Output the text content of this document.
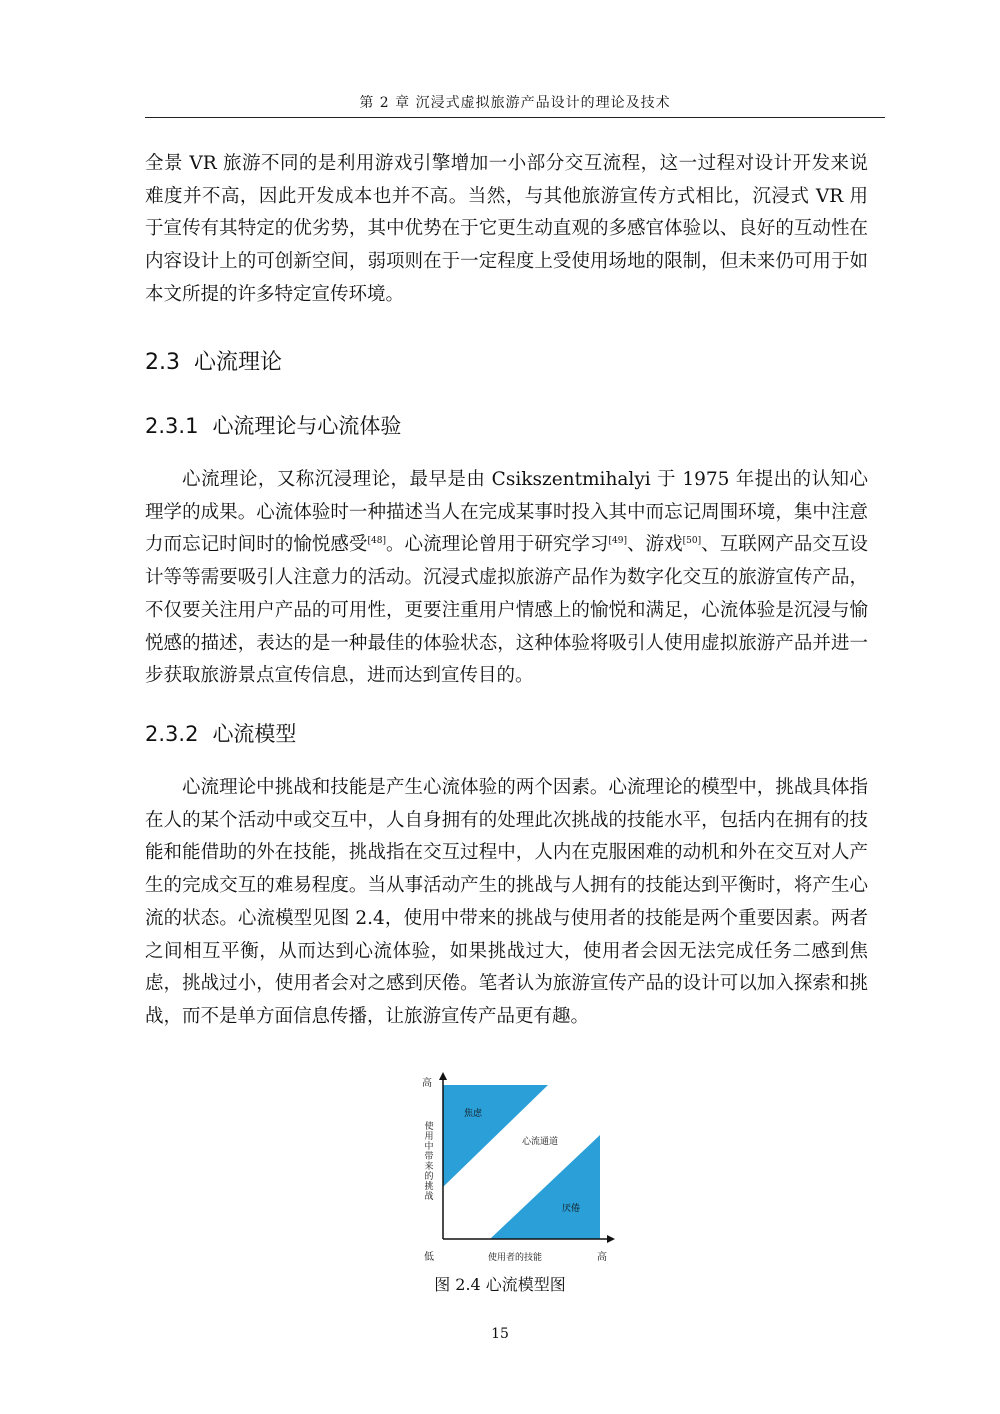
第 2 章 沉浸式虚拟旅游产品设计的理论及技术

全景 VR 旅游不同的是利用游戏引擎增加一小部分交互流程，这一过程对设计开发来说难度并不高，因此开发成本也并不高。当然，与其他旅游宣传方式相比，沉浸式 VR 用于宣传有其特定的优劣势，其中优势在于它更生动直观的多感官体验以、良好的互动性在内容设计上的可创新空间，弱项则在于一定程度上受使用场地的限制，但未来仍可用于如本文所提的许多特定宣传环境。

2.3 心流理论
2.3.1 心流理论与心流体验

心流理论，又称沉浸理论，最早是由 Csikszentmihalyi 于 1975 年提出的认知心理学的成果。心流体验时一种描述当人在完成某事时投入其中而忘记周围环境，集中注意力而忘记时间时的愉悦感受[48]。心流理论曾用于研究学习[49]、游戏[50]、互联网产品交互设计等等需要吸引人注意力的活动。沉浸式虚拟旅游产品作为数字化交互的旅游宣传产品，不仅要关注用户产品的可用性，更要注重用户情感上的愉悦和满足，心流体验是沉浸与愉悦感的描述，表达的是一种最佳的体验状态，这种体验将吸引人使用虚拟旅游产品并进一步获取旅游景点宣传信息，进而达到宣传目的。

2.3.2 心流模型

心流理论中挑战和技能是产生心流体验的两个因素。心流理论的模型中，挑战具体指在人的某个活动中或交互中，人自身拥有的处理此次挑战的技能水平，包括内在拥有的技能和能借助的外在技能，挑战指在交互过程中，人内在克服困难的动机和外在交互对人产生的完成交互的难易程度。当从事活动产生的挑战与人拥有的技能达到平衡时，将产生心流的状态。心流模型见图 2.4，使用中带来的挑战与使用者的技能是两个重要因素。两者之间相互平衡，从而达到心流体验，如果挑战过大，使用者会因无法完成任务二感到焦虑，挑战过小，使用者会对之感到厌倦。笔者认为旅游宣传产品的设计可以加入探索和挑战，而不是单方面信息传播，让旅游宣传产品更有趣。

高
使用中带来的挑战
低	使用者的技能	高
焦虑
心流通道
厌倦
图 2.4 心流模型图
15
